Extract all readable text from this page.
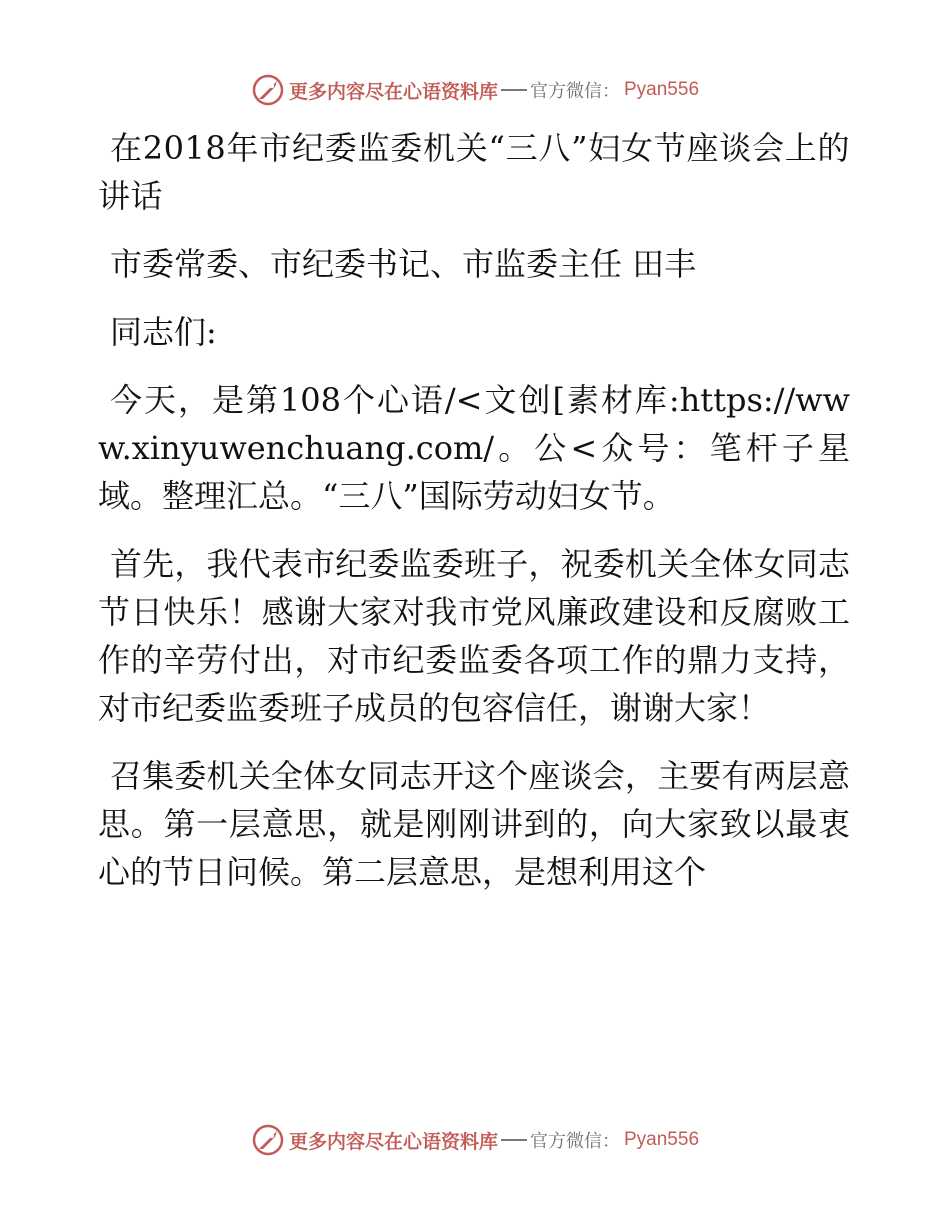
更多内容尽在心语资料库 官方微信： Pyan556

在2018年市纪委监委机关“三八”妇女节座谈会上的讲话

市委常委、市纪委书记、市监委主任 田丰

同志们:

今天，是第108个心语/<文创[素材库:https://www.xinyuwenchuang.com/。公<众号：笔杆子星域。整理汇总。“三八”国际劳动妇女节。

首先，我代表市纪委监委班子，祝委机关全体女同志节日快乐！感谢大家对我市党风廉政建设和反腐败工作的辛劳付出，对市纪委监委各项工作的鼎力支持，对市纪委监委班子成员的包容信任，谢谢大家！

召集委机关全体女同志开这个座谈会，主要有两层意思。第一层意思，就是刚刚讲到的，向大家致以最衷心的节日问候。第二层意思，是想利用这个

更多内容尽在心语资料库 官方微信： Pyan556
